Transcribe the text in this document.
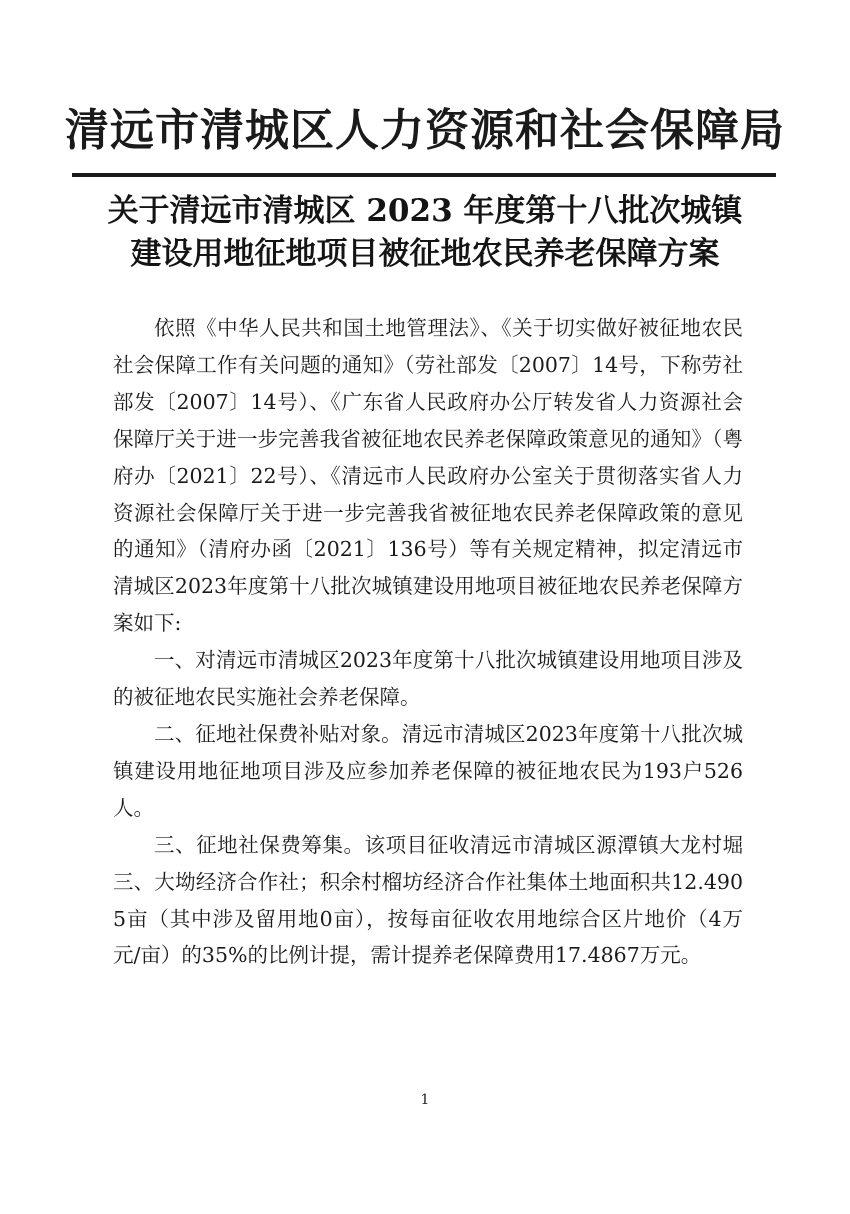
清远市清城区人力资源和社会保障局
关于清远市清城区 2023 年度第十八批次城镇
建设用地征地项目被征地农民养老保障方案

依照《中华人民共和国土地管理法》、《关于切实做好被征地农民社会保障工作有关问题的通知》（劳社部发〔2007〕14号，下称劳社部发〔2007〕14号）、《广东省人民政府办公厅转发省人力资源社会保障厅关于进一步完善我省被征地农民养老保障政策意见的通知》（粤府办〔2021〕22号）、《清远市人民政府办公室关于贯彻落实省人力资源社会保障厅关于进一步完善我省被征地农民养老保障政策的意见的通知》（清府办函〔2021〕136号）等有关规定精神，拟定清远市清城区2023年度第十八批次城镇建设用地项目被征地农民养老保障方案如下:

一、对清远市清城区2023年度第十八批次城镇建设用地项目涉及的被征地农民实施社会养老保障。

二、征地社保费补贴对象。清远市清城区2023年度第十八批次城镇建设用地征地项目涉及应参加养老保障的被征地农民为193户526人。

三、征地社保费筹集。该项目征收清远市清城区源潭镇大龙村堀三、大坳经济合作社；积余村榴坊经济合作社集体土地面积共12.4905亩（其中涉及留用地0亩），按每亩征收农用地综合区片地价（4万元/亩）的35%的比例计提，需计提养老保障费用17.4867万元。

1
